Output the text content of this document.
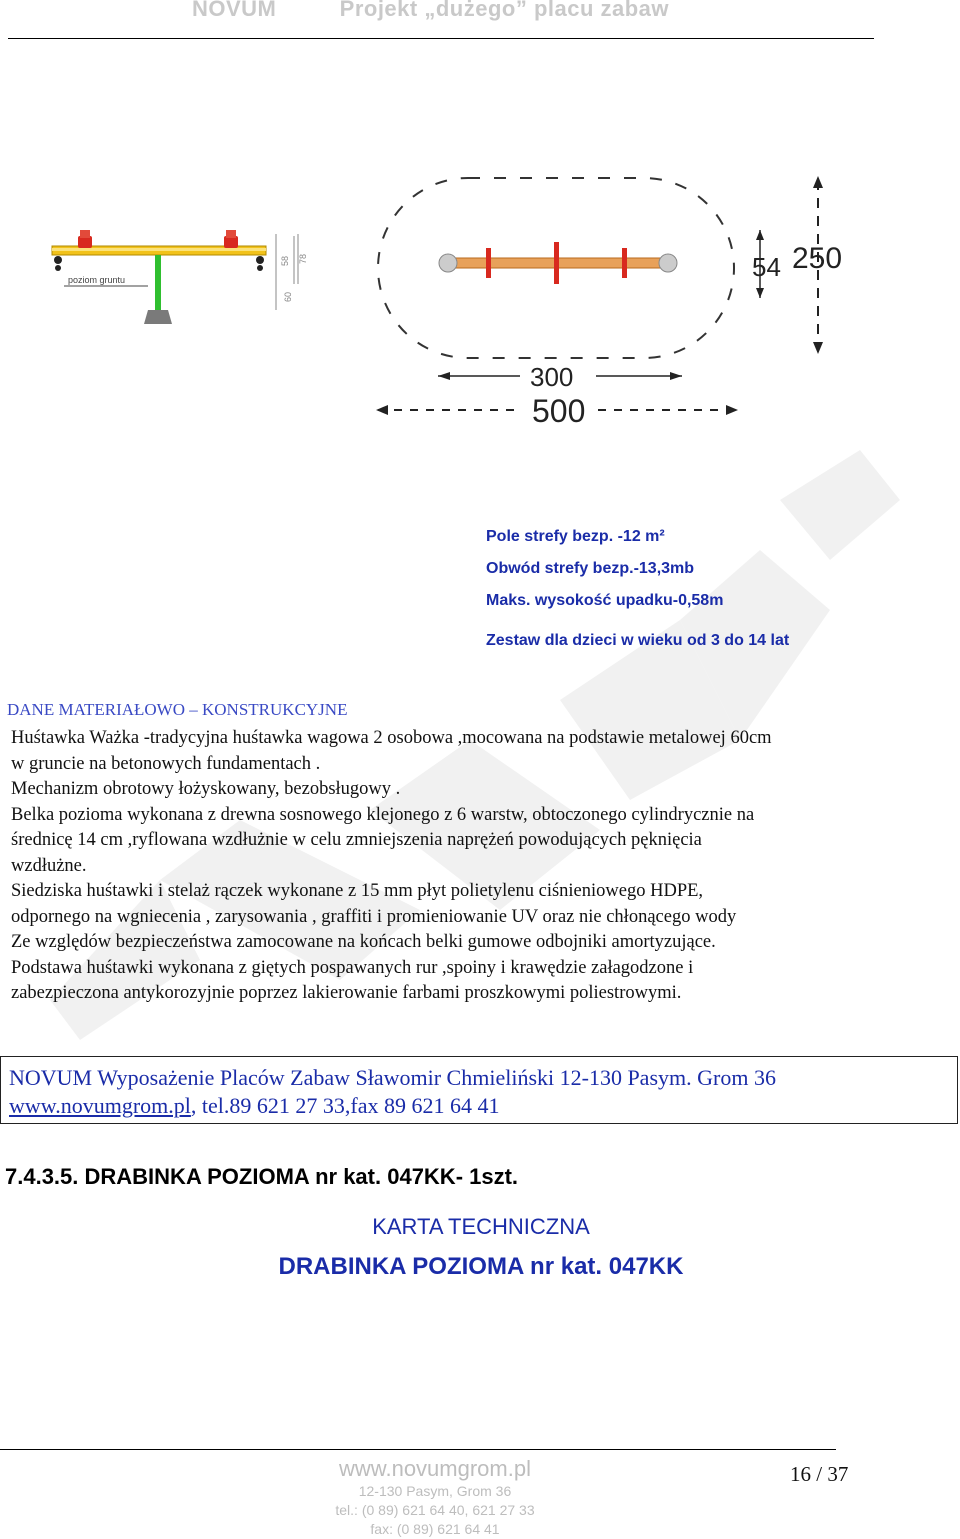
NOVUM	Projekt „dużego” placu zabaw
poziom gruntu
60
58 78	54 250
300
500
Pole strefy bezp. -12 m²
Obwód strefy bezp.-13,3mb
Maks. wysokość upadku-0,58m
Zestaw dla dzieci w wieku od 3 do 14 lat
DANE MATERIAŁOWO – KONSTRUKCYJNE

Huśtawka Ważka -tradycyjna huśtawka wagowa 2 osobowa ,mocowana na podstawie metalowej 60cm

w gruncie na betonowych fundamentach .

Mechanizm obrotowy łożyskowany, bezobsługowy .

Belka pozioma wykonana z drewna sosnowego klejonego z 6 warstw, obtoczonego cylindrycznie na

średnicę 14 cm ,ryflowana wzdłużnie w celu zmniejszenia naprężeń powodujących pęknięcia

wzdłużne.

Siedziska huśtawki i stelaż rączek wykonane z 15 mm płyt polietylenu ciśnieniowego HDPE,

odpornego na wgniecenia , zarysowania , graffiti i promieniowanie UV oraz nie chłonącego wody

Ze względów bezpieczeństwa zamocowane na końcach belki gumowe odbojniki amortyzujące.

Podstawa huśtawki wykonana z giętych pospawanych rur ,spoiny i krawędzie załagodzone i

zabezpieczona antykorozyjnie poprzez lakierowanie farbami proszkowymi poliestrowymi.

NOVUM Wyposażenie Placów Zabaw Sławomir Chmieliński 12-130 Pasym. Grom 36
www.novumgrom.pl, tel.89 621 27 33,fax 89 621 64 41
7.4.3.5. DRABINKA POZIOMA nr kat. 047KK- 1szt.
KARTA TECHNICZNA
DRABINKA POZIOMA nr kat. 047KK
www.novumgrom.pl
12-130 Pasym, Grom 36
tel.: (0 89) 621 64 40, 621 27 33
fax: (0 89) 621 64 41
16 / 37
